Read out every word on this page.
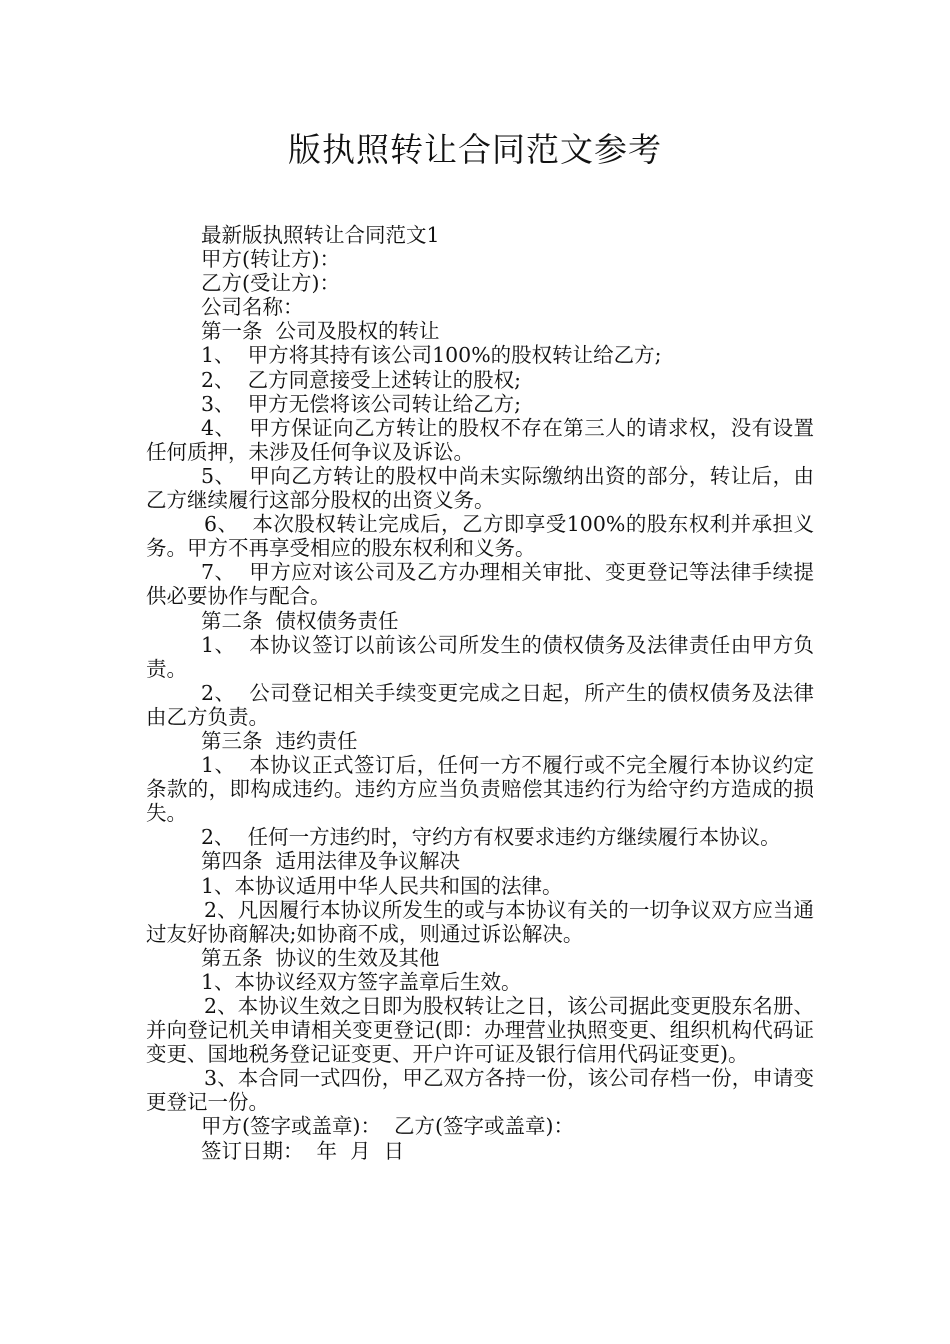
版执照转让合同范文参考

最新版执照转让合同范文1

甲方(转让方)：

乙方(受让方)：

公司名称：

第一条  公司及股权的转让

1、  甲方将其持有该公司100%的股权转让给乙方;

2、  乙方同意接受上述转让的股权;

3、  甲方无偿将该公司转让给乙方;

4、  甲方保证向乙方转让的股权不存在第三人的请求权，没有设置任何质押，未涉及任何争议及诉讼。

5、  甲向乙方转让的股权中尚未实际缴纳出资的部分，转让后，由乙方继续履行这部分股权的出资义务。

6、  本次股权转让完成后，乙方即享受100%的股东权利并承担义务。甲方不再享受相应的股东权利和义务。

7、  甲方应对该公司及乙方办理相关审批、变更登记等法律手续提供必要协作与配合。

第二条  债权债务责任

1、  本协议签订以前该公司所发生的债权债务及法律责任由甲方负责。

2、  公司登记相关手续变更完成之日起，所产生的债权债务及法律由乙方负责。

第三条  违约责任

1、  本协议正式签订后，任何一方不履行或不完全履行本协议约定条款的，即构成违约。违约方应当负责赔偿其违约行为给守约方造成的损失。

2、  任何一方违约时，守约方有权要求违约方继续履行本协议。

第四条  适用法律及争议解决

1、本协议适用中华人民共和国的法律。

2、凡因履行本协议所发生的或与本协议有关的一切争议双方应当通过友好协商解决;如协商不成，则通过诉讼解决。

第五条  协议的生效及其他

1、本协议经双方签字盖章后生效。

2、本协议生效之日即为股权转让之日，该公司据此变更股东名册、并向登记机关申请相关变更登记(即：办理营业执照变更、组织机构代码证变更、国地税务登记证变更、开户许可证及银行信用代码证变更)。

3、本合同一式四份，甲乙双方各持一份，该公司存档一份，申请变更登记一份。

甲方(签字或盖章)：  乙方(签字或盖章)：

签订日期：  年  月  日
